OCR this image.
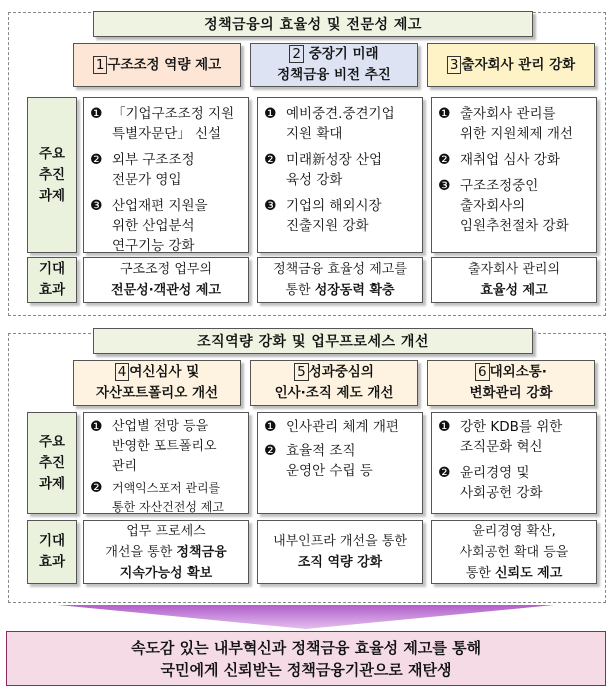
정책금융의 효율성 및 전문성 제고
1 구조조정 역량 제고
2 중장기 미래
정책금융 비전 추진
3 출자회사 관리 강화
주요
추진
과제
기대
효과
❶ 「기업구조조정 지원
특별자문단」 신설
❷ 외부 구조조정
전문가 영입
❸ 산업재편 지원을
위한 산업분석
연구기능 강화
❶ 예비중견.중견기업
지원 확대
❷ 미래新성장 산업
육성 강화
❸ 기업의 해외시장
진출지원 강화
❶ 출자회사 관리를
위한 지원체제 개선
❷ 재취업 심사 강화
❸ 구조조정중인
출자회사의
임원추천절차 강화
구조조정 업무의
전문성·객관성 제고
정책금융 효율성 제고를
통한 성장동력 확충
출자회사 관리의
효율성 제고
조직역량 강화 및 업무프로세스 개선
4 여신심사 및
자산포트폴리오 개선
5 성과중심의
인사·조직 제도 개선
6 대외소통·
변화관리 강화
주요
추진
과제
기대
효과
❶ 산업별 전망 등을
반영한 포트폴리오
관리
❷ 거액익스포저 관리를
통한 자산건전성 제고
❶ 인사관리 체계 개편
❷ 효율적 조직
운영안 수립 등
❶ 강한 KDB를 위한
조직문화 혁신
❷ 윤리경영 및
사회공헌 강화
업무 프로세스
개선을 통한 정책금융
지속가능성 확보
내부인프라 개선을 통한
조직 역량 강화
윤리경영 확산,
사회공헌 확대 등을
통한 신뢰도 제고
속도감 있는 내부혁신과 정책금융 효율성 제고를 통해
국민에게 신뢰받는 정책금융기관으로 재탄생
